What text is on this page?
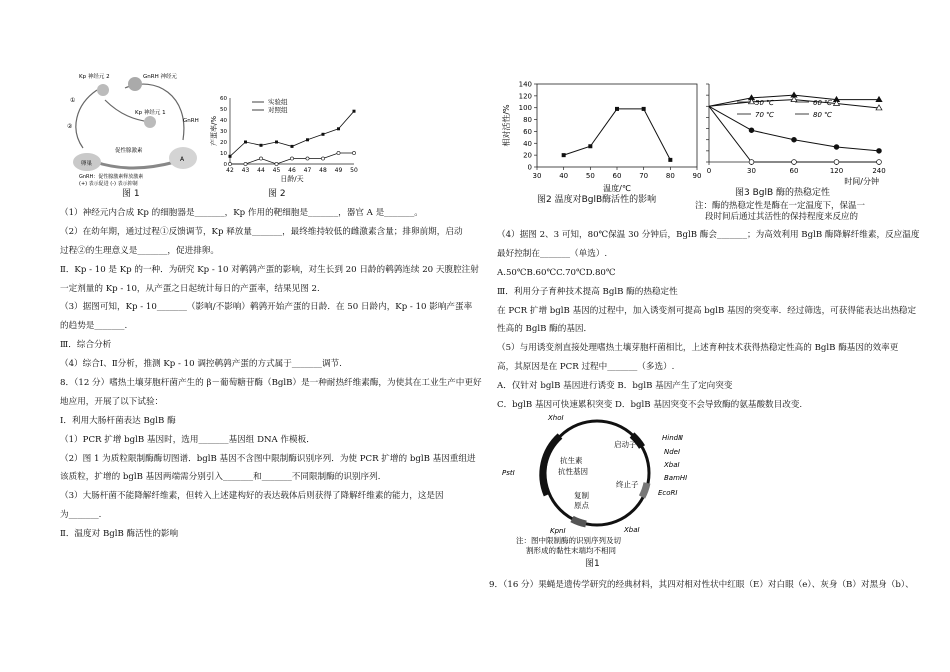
Kp 神经元 2	GnRH 神经元
Kp 神经元 1
GnRH
促性腺激素
卵巢
A
①
②
GnRH：促性腺激素释放激素
(+) 表示促进 (-) 表示抑制
图 1
42 43 44 45 46 47 48 49 50
0
10
20
30
40
50
60
日龄/天
产蛋率/%
实验组
对照组
图 2

（1）神经元内合成 Kp 的细胞器是_______，Kp 作用的靶细胞是_______，器官 A 是_______。

（2）在幼年期，通过过程①反馈调节，Kp 释放量_______，最终维持较低的雌激素含量；排卵前期，启动

过程②的生理意义是_______，促进排卵。

Ⅱ．Kp - 10 是 Kp 的一种．为研究 Kp - 10 对鹌鹑产蛋的影响，对生长到 20 日龄的鹌鹑连续 20 天腹腔注射

一定剂量的 Kp - 10，从产蛋之日起统计每日的产蛋率，结果见图 2.

（3）据图可知，Kp - 10_______（影响/不影响）鹌鹑开始产蛋的日龄．在 50 日龄内，Kp - 10 影响产蛋率

的趋势是_______.

Ⅲ．综合分析

（4）综合Ⅰ、Ⅱ分析，推测 Kp - 10 调控鹌鹑产蛋的方式属于_______调节.

8．（12 分）嗜热土壤芽胞杆菌产生的 β－葡萄糖苷酶（BglB）是一种耐热纤维素酶，为使其在工业生产中更好

地应用，开展了以下试验：

Ⅰ．利用大肠杆菌表达 BglB 酶

（1）PCR 扩增 bglB 基因时，选用_______基因组 DNA 作模板．

（2）图 1 为质粒限制酶酶切图谱．bglB 基因不含图中限制酶识别序列．为使 PCR 扩增的 bglB 基因重组进

该质粒，扩增的 bglB 基因两端需分别引入_______和_______不同限制酶的识别序列．

（3）大肠杆菌不能降解纤维素，但转入上述建构好的表达载体后则获得了降解纤维素的能力，这是因

为_______.

Ⅱ．温度对 BglB 酶活性的影响

0
20
40
60
80
100
120
140
30	40	50	60	70	80	90
温度/℃
相对活性/%
图2 温度对BglB酶活性的影响
0	30	60	120	240
50 ℃	60 ℃
70 ℃	80 ℃
时间/分钟
图3 BglB 酶的热稳定性
注：酶的热稳定性是酶在一定温度下，保温一
段时间后通过其活性的保持程度来反应的

（4）据图 2、3 可知，80℃保温 30 分钟后，BglB 酶会_______；为高效利用 BglB 酶降解纤维素，反应温度

最好控制在_______（单选）.

A.50℃B.60℃C.70℃D.80℃

Ⅲ．利用分子育种技术提高 BglB 酶的热稳定性

在 PCR 扩增 bglB 基因的过程中，加入诱变剂可提高 bglB 基因的突变率．经过筛选，可获得能表达出热稳定

性高的 BglB 酶的基因．

（5）与用诱变剂直接处理嗜热土壤芽胞杆菌相比，上述育种技术获得热稳定性高的 BglB 酶基因的效率更

高，其原因是在 PCR 过程中_______（多选）.

A．仅针对 bglB 基因进行诱变 B．bglB 基因产生了定向突变

C．bglB 基因可快速累积突变 D．bglB 基因突变不会导致酶的氨基酸数目改变.

XhoⅠ
HindⅢ
NdeⅠ
XbaⅠ
BamHⅠ
EcoRⅠ
XbaⅠ
KpnⅠ
PstⅠ
启动子
抗生素
抗性基因
终止子
复制
原点
注：图中限制酶的识别序列及切
割形成的黏性末端均不相同
图1

9．（16 分）果蝇是遗传学研究的经典材料，其四对相对性状中红眼（E）对白眼（e）、灰身（B）对黑身（b）、
